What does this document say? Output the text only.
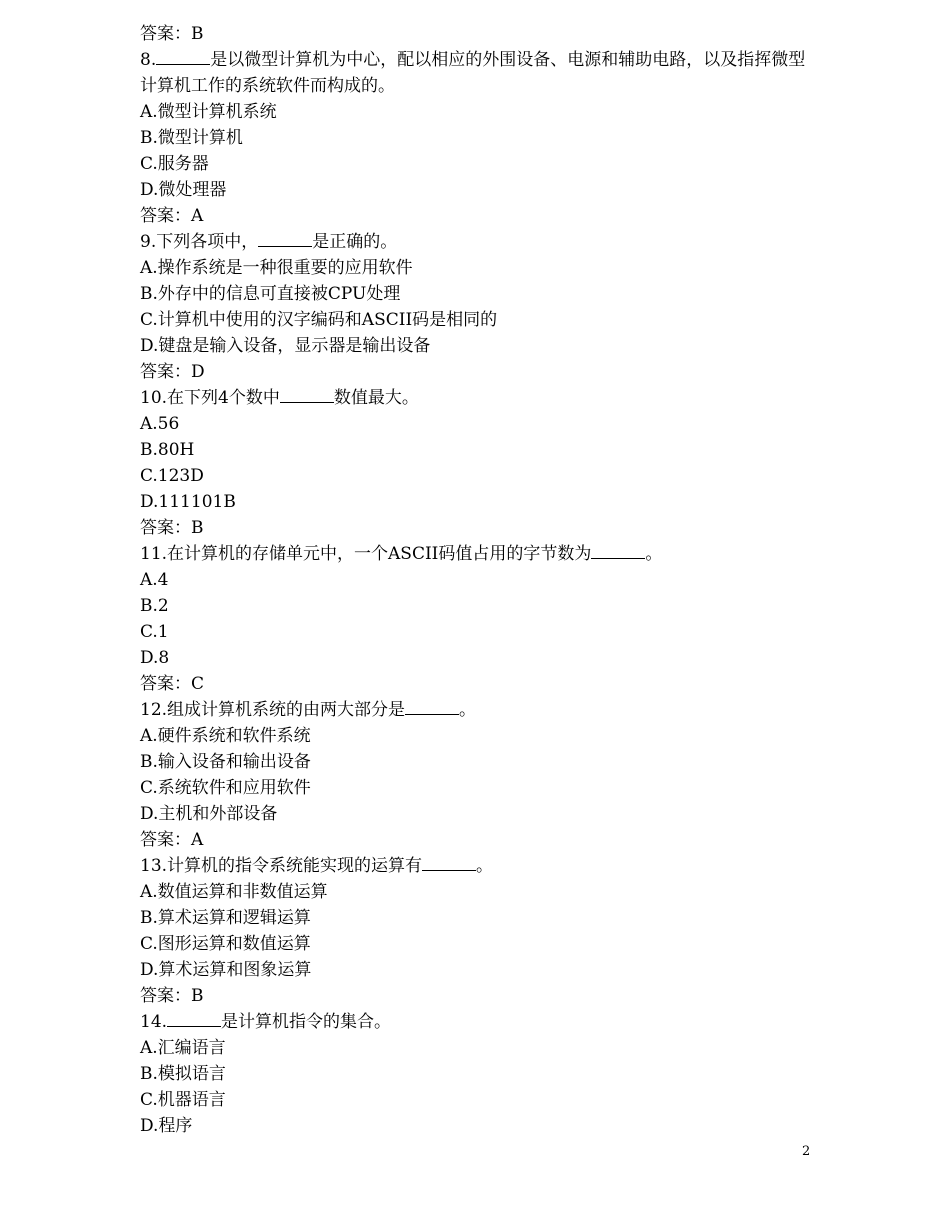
答案：B
8.	是以微型计算机为中心，配以相应的外围设备、电源和辅助电路，以及指挥微型计算机工作的系统软件而构成的。
A.微型计算机系统
B.微型计算机
C.服务器
D.微处理器
答案：A
9.下列各项中，	是正确的。
A.操作系统是一种很重要的应用软件
B.外存中的信息可直接被CPU处理
C.计算机中使用的汉字编码和ASCII码是相同的
D.键盘是输入设备，显示器是输出设备
答案：D
10.在下列4个数中	数值最大。
A.56
B.80H
C.123D
D.111101B
答案：B
11.在计算机的存储单元中，一个ASCII码值占用的字节数为	。
A.4
B.2
C.1
D.8
答案：C
12.组成计算机系统的由两大部分是	。
A.硬件系统和软件系统
B.输入设备和输出设备
C.系统软件和应用软件
D.主机和外部设备
答案：A
13.计算机的指令系统能实现的运算有	。
A.数值运算和非数值运算
B.算术运算和逻辑运算
C.图形运算和数值运算
D.算术运算和图象运算
答案：B
14.	是计算机指令的集合。
A.汇编语言
B.模拟语言
C.机器语言
D.程序
2
